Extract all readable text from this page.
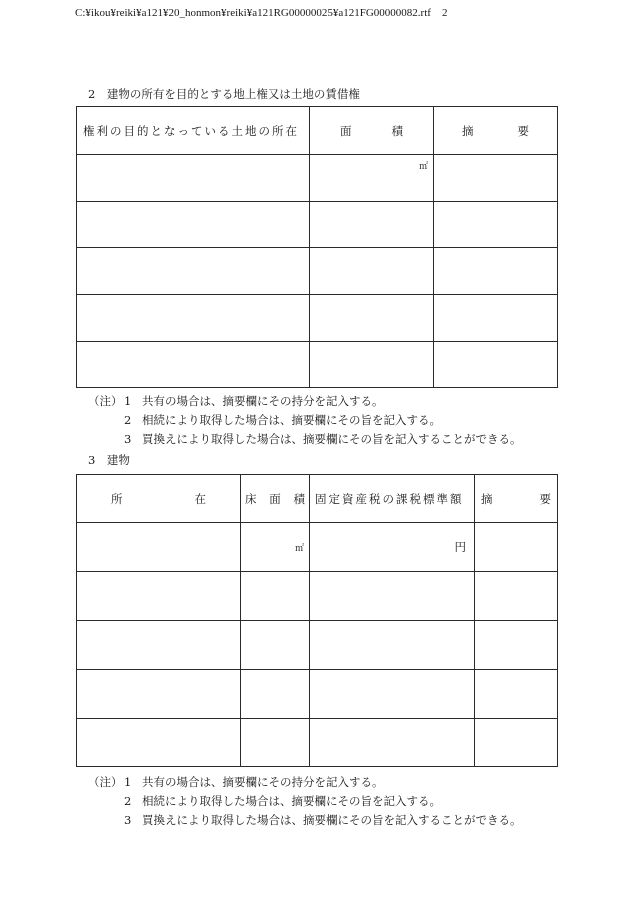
C:¥ikou¥reiki¥a121¥20_honmon¥reiki¥a121RG00000025¥a121FG00000082.rtf　2
2　建物の所有を目的とする地上権又は土地の賃借権
権利の目的となっている土地の所在	面 積	摘 要

	㎡	

（注） 1 共有の場合は、摘要欄にその持分を記入する。
2 相続により取得した場合は、摘要欄にその旨を記入する。
3 買換えにより取得した場合は、摘要欄にその旨を記入することができる。
3　建物
所 在	床 面 積	固定資産税の課税標準額	摘 要

	㎡	円	

（注） 1 共有の場合は、摘要欄にその持分を記入する。
2 相続により取得した場合は、摘要欄にその旨を記入する。
3 買換えにより取得した場合は、摘要欄にその旨を記入することができる。
